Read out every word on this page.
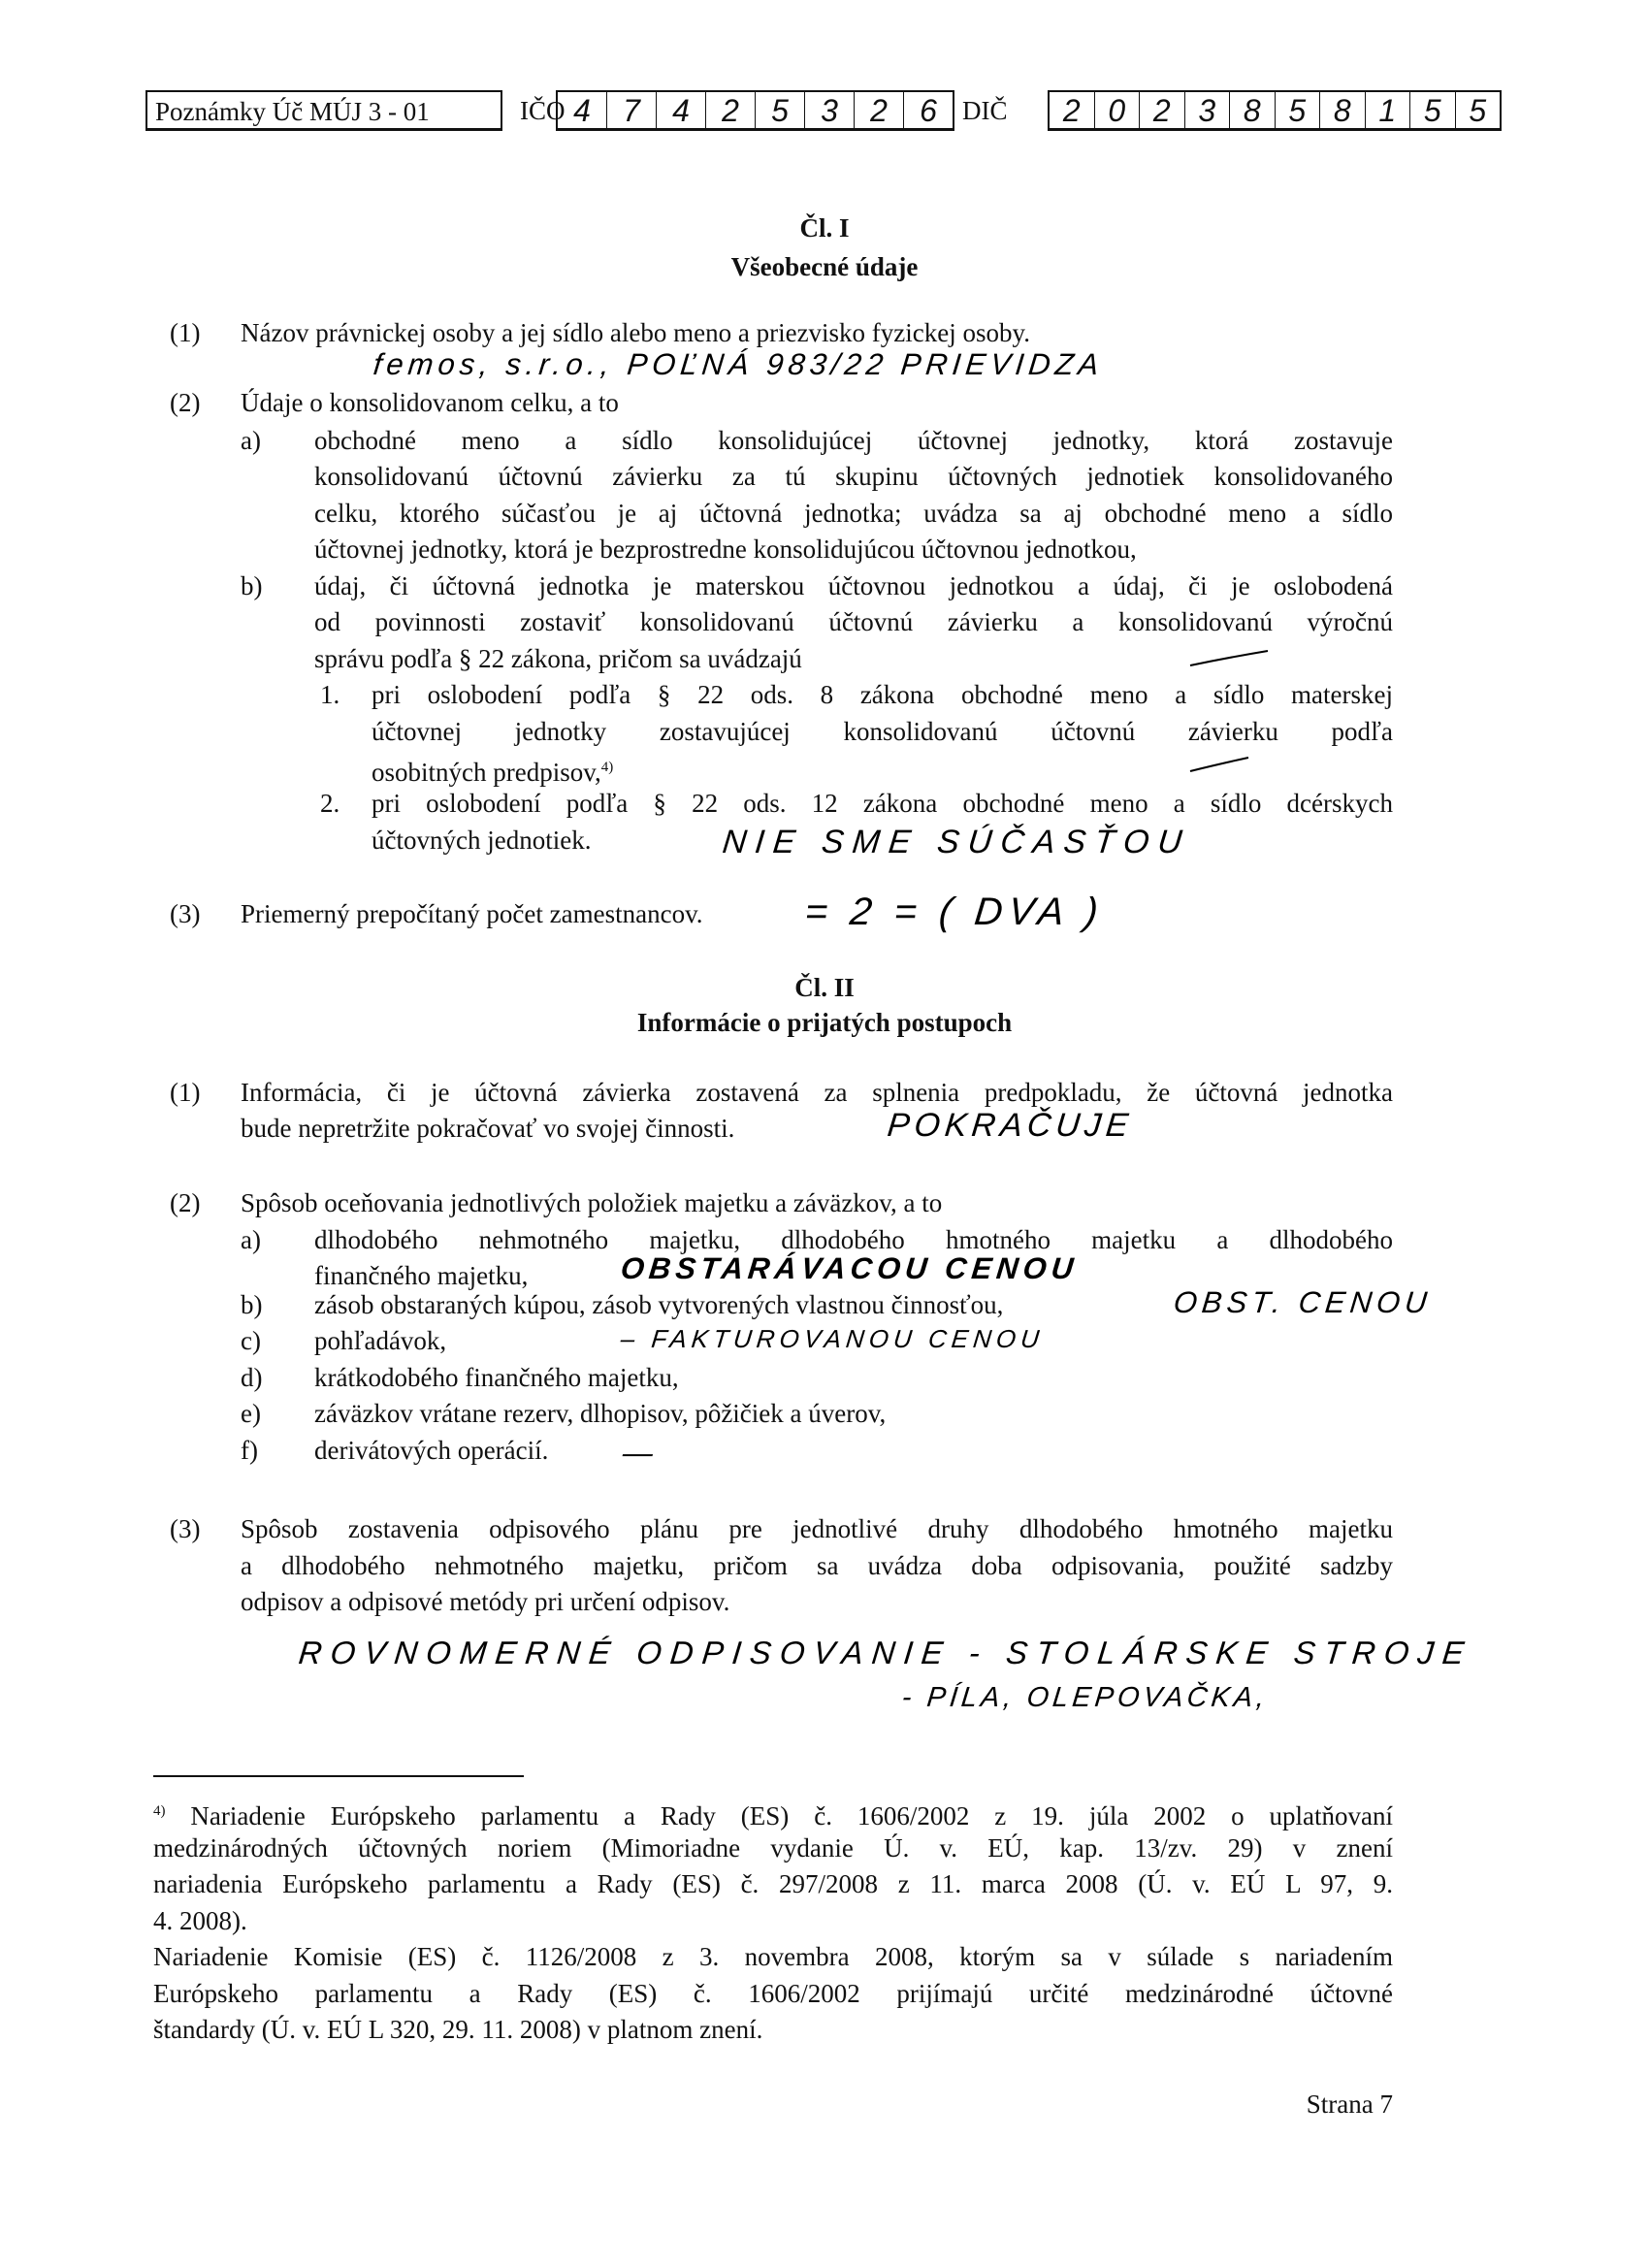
Poznámky Úč MÚJ 3 - 01	IČO 4	7	4	2	5	3	2	6 DIČ	2 0 2 3 8 5 8 1 5 5
Čl. I
Všeobecné údaje
(1) Názov právnickej osoby a jej sídlo alebo meno a priezvisko fyzickej osoby.
femos, s.r.o., POĽNÁ 983/22 PRIEVIDZA
(2) Údaje o konsolidovanom celku, a to
a) obchodné meno a sídlo konsolidujúcej účtovnej jednotky, ktorá zostavuje
konsolidovanú účtovnú závierku za tú skupinu účtovných jednotiek konsolidovaného
celku, ktorého súčasťou je aj účtovná jednotka; uvádza sa aj obchodné meno a sídlo
účtovnej jednotky, ktorá je bezprostredne konsolidujúcou účtovnou jednotkou,
b) údaj, či účtovná jednotka je materskou účtovnou jednotkou a údaj, či je oslobodená
od povinnosti zostaviť konsolidovanú účtovnú závierku a konsolidovanú výročnú
správu podľa § 22 zákona, pričom sa uvádzajú
1. pri oslobodení podľa § 22 ods. 8 zákona obchodné meno a sídlo materskej
účtovnej jednotky zostavujúcej konsolidovanú účtovnú závierku podľa
osobitných predpisov,$^{4)}$
2. pri oslobodení podľa § 22 ods. 12 zákona obchodné meno a sídlo dcérskych
účtovných jednotiek.	NIE SME SÚČASŤOU
(3) Priemerný prepočítaný počet zamestnancov.	= 2 = ( DVA )
Čl. II
Informácie o prijatých postupoch
(1) Informácia, či je účtovná závierka zostavená za splnenia predpokladu, že účtovná jednotka
bude nepretržite pokračovať vo svojej činnosti.	POKRAČUJE
(2) Spôsob oceňovania jednotlivých položiek majetku a záväzkov, a to
a) dlhodobého nehmotného majetku, dlhodobého hmotného majetku a dlhodobého
finančného majetku,	OBSTARÁVACOU CENOU
b) zásob obstaraných kúpou, zásob vytvorených vlastnou činnosťou,	OBST. CENOU
c) pohľadávok,	– FAKTUROVANOU CENOU
d) krátkodobého finančného majetku,
e) záväzkov vrátane rezerv, dlhopisov, pôžičiek a úverov,
f) derivátových operácií. —
(3) Spôsob zostavenia odpisového plánu pre jednotlivé druhy dlhodobého hmotného majetku
a dlhodobého nehmotného majetku, pričom sa uvádza doba odpisovania, použité sadzby
odpisov a odpisové metódy pri určení odpisov.
ROVNOMERNÉ ODPISOVANIE - STOLÁRSKE STROJE
- PÍLA, OLEPOVAČKA,
$^{4)}$ Nariadenie Európskeho parlamentu a Rady (ES) č. 1606/2002 z 19. júla 2002 o uplatňovaní
medzinárodných účtovných noriem (Mimoriadne vydanie Ú. v. EÚ, kap. 13/zv. 29) v znení
nariadenia Európskeho parlamentu a Rady (ES) č. 297/2008 z 11. marca 2008 (Ú. v. EÚ L 97, 9.
4. 2008).
Nariadenie Komisie (ES) č. 1126/2008 z 3. novembra 2008, ktorým sa v súlade s nariadením
Európskeho parlamentu a Rady (ES) č. 1606/2002 prijímajú určité medzinárodné účtovné
štandardy (Ú. v. EÚ L 320, 29. 11. 2008) v platnom znení.
Strana 7
